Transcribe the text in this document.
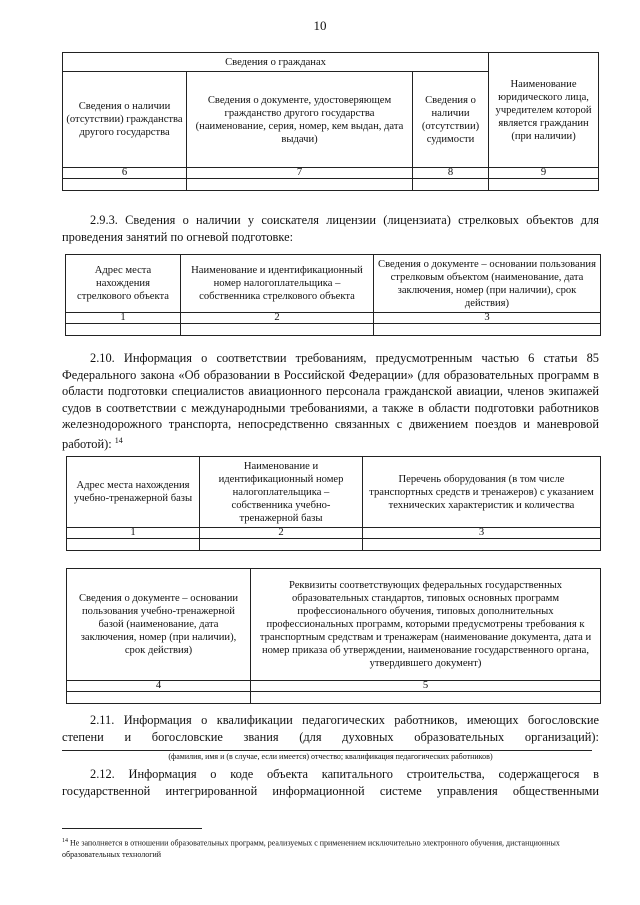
10
Сведения о гражданах			Наименование юридического лица, учредителем которой является гражданин (при наличии)
Сведения о наличии (отсутствии) гражданства другого государства	Сведения о документе, удостоверяющем гражданство другого государства (наименование, серия, номер, кем выдан, дата выдачи)	Сведения о наличии (отсутствии) судимости	
6	7	8	9

2.9.3. Сведения о наличии у соискателя лицензии (лицензиата) стрелковых объектов для проведения занятий по огневой подготовке:
Адрес места нахождения стрелкового объекта	Наименование и идентификационный номер налогоплательщика – собственника стрелкового объекта	Сведения о документе – основании пользования стрелковым объектом (наименование, дата заключения, номер (при наличии), срок действия)
1	2	3

2.10. Информация о соответствии требованиям, предусмотренным частью 6 статьи 85 Федерального закона «Об образовании в Российской Федерации» (для образовательных программ в области подготовки специалистов авиационного персонала гражданской авиации, членов экипажей судов в соответствии с международными требованиями, а также в области подготовки работников железнодорожного транспорта, непосредственно связанных с движением поездов и маневровой работой): $^{14}$
Адрес места нахождения учебно-тренажерной базы	Наименование и идентификационный номер налогоплательщика – собственника учебно-тренажерной базы	Перечень оборудования (в том числе транспортных средств и тренажеров) с указанием технических характеристик и количества
1	2	3

Сведения о документе – основании пользования учебно-тренажерной базой (наименование, дата заключения, номер (при наличии), срок действия)	Реквизиты соответствующих федеральных государственных образовательных стандартов, типовых основных программ профессионального обучения, типовых дополнительных профессиональных программ, которыми предусмотрены требования к транспортным средствам и тренажерам (наименование документа, дата и номер приказа об утверждении, наименование государственного органа, утвердившего документ)
4	5

2.11. Информация о квалификации педагогических работников, имеющих богословские степени и богословские звания (для духовных образовательных организаций):
(фамилия, имя и (в случае, если имеется) отчество; квалификация педагогических работников)
2.12. Информация о коде объекта капитального строительства, содержащегося в государственной интегрированной информационной системе управления общественными
$^{14}$ Не заполняется в отношении образовательных программ, реализуемых с применением исключительно электронного обучения, дистанционных образовательных технологий
